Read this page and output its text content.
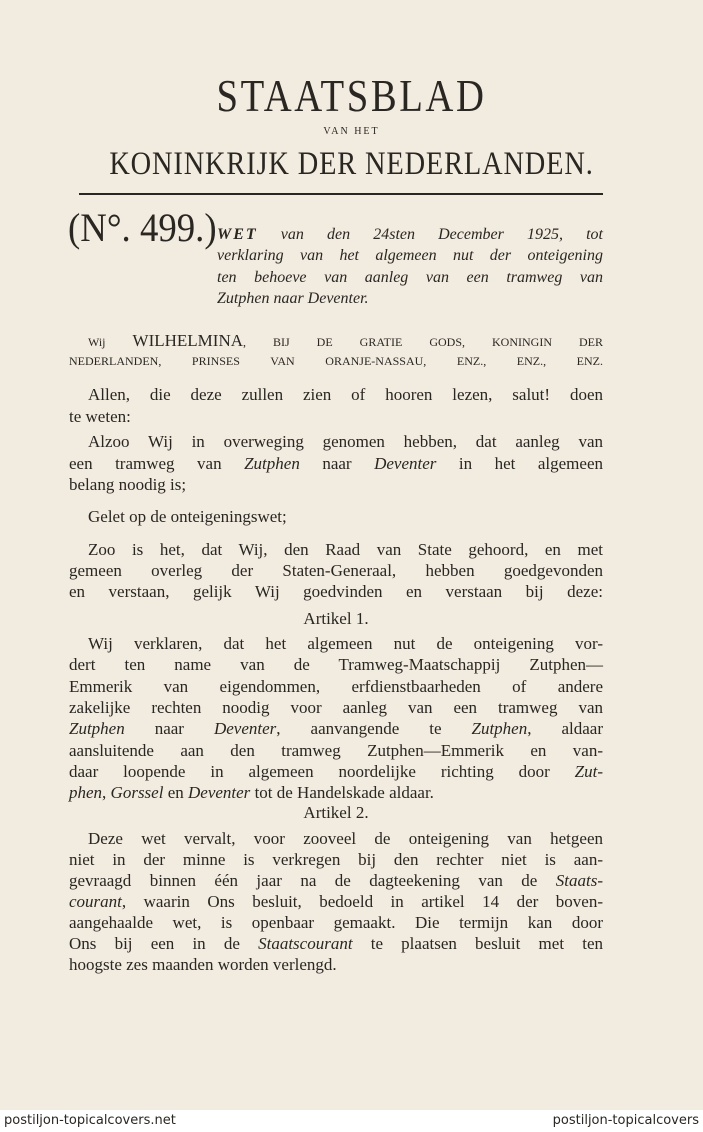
STAATSBLAD
VAN HET
KONINKRIJK DER NEDERLANDEN.
(N°. 499.) WET van den 24sten December 1925, tot
verklaring van het algemeen nut der onteigening
ten behoeve van aanleg van een tramweg van
Zutphen naar Deventer.
Wij WILHELMINA, BIJ DE GRATIE GODS, KONINGIN DER
NEDERLANDEN, PRINSES VAN ORANJE-NASSAU, ENZ., ENZ., ENZ.
Allen, die deze zullen zien of hooren lezen, salut! doen
te weten:
Alzoo Wij in overweging genomen hebben, dat aanleg van
een tramweg van Zutphen naar Deventer in het algemeen
belang noodig is;
Gelet op de onteigeningswet;
Zoo is het, dat Wij, den Raad van State gehoord, en met
gemeen overleg der Staten-Generaal, hebben goedgevonden
en verstaan, gelijk Wij goedvinden en verstaan bij deze:
Artikel 1.
Wij verklaren, dat het algemeen nut de onteigening vor-
dert ten name van de Tramweg-Maatschappij Zutphen—
Emmerik van eigendommen, erfdienstbaarheden of andere
zakelijke rechten noodig voor aanleg van een tramweg van
Zutphen naar Deventer, aanvangende te Zutphen, aldaar
aansluitende aan den tramweg Zutphen—Emmerik en van-
daar loopende in algemeen noordelijke richting door Zut-
phen, Gorssel en Deventer tot de Handelskade aldaar.
Artikel 2.
Deze wet vervalt, voor zooveel de onteigening van hetgeen
niet in der minne is verkregen bij den rechter niet is aan-
gevraagd binnen één jaar na de dagteekening van de Staats-
courant, waarin Ons besluit, bedoeld in artikel 14 der boven-
aangehaalde wet, is openbaar gemaakt. Die termijn kan door
Ons bij een in de Staatscourant te plaatsen besluit met ten
hoogste zes maanden worden verlengd.
postiljon-topicalcovers.net	postiljon-topicalcovers
